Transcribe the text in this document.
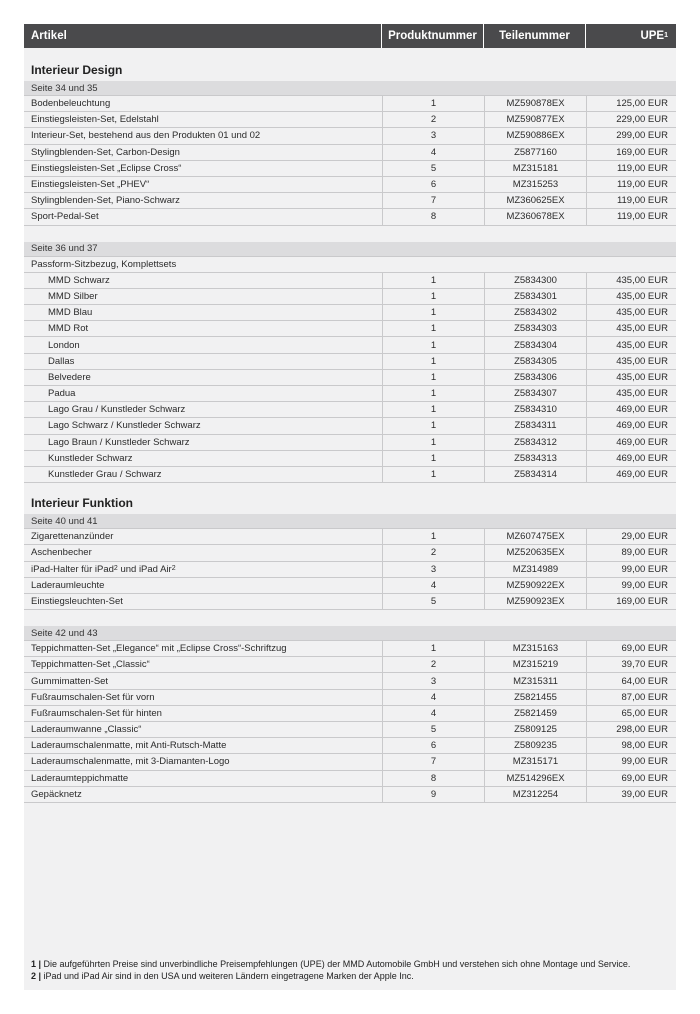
Artikel	Produktnummer	Teilenummer	UPE 1
Interieur Design
Seite 34 und 35
Bodenbeleuchtung	1	MZ590878EX	125,00 EUR
Einstiegsleisten-Set, Edelstahl	2	MZ590877EX	229,00 EUR
Interieur-Set, bestehend aus den Produkten 01 und 02	3	MZ590886EX	299,00 EUR
Stylingblenden-Set, Carbon-Design	4	Z5877160	169,00 EUR
Einstiegsleisten-Set „Eclipse Cross“	5	MZ315181	119,00 EUR
Einstiegsleisten-Set „PHEV“	6	MZ315253	119,00 EUR
Stylingblenden-Set, Piano-Schwarz	7	MZ360625EX	119,00 EUR
Sport-Pedal-Set	8	MZ360678EX	119,00 EUR
Seite 36 und 37
Passform-Sitzbezug, Komplettsets
MMD Schwarz	1	Z5834300	435,00 EUR
MMD Silber	1	Z5834301	435,00 EUR
MMD Blau	1	Z5834302	435,00 EUR
MMD Rot	1	Z5834303	435,00 EUR
London	1	Z5834304	435,00 EUR
Dallas	1	Z5834305	435,00 EUR
Belvedere	1	Z5834306	435,00 EUR
Padua	1	Z5834307	435,00 EUR
Lago Grau / Kunstleder Schwarz	1	Z5834310	469,00 EUR
Lago Schwarz / Kunstleder Schwarz	1	Z5834311	469,00 EUR
Lago Braun / Kunstleder Schwarz	1	Z5834312	469,00 EUR
Kunstleder Schwarz	1	Z5834313	469,00 EUR
Kunstleder Grau / Schwarz	1	Z5834314	469,00 EUR
Interieur Funktion
Seite 40 und 41
Zigarettenanzünder	1	MZ607475EX	29,00 EUR
Aschenbecher	2	MZ520635EX	89,00 EUR
iPad-Halter für iPad 2 und iPad Air 2	3	MZ314989	99,00 EUR
Laderaumleuchte	4	MZ590922EX	99,00 EUR
Einstiegsleuchten-Set	5	MZ590923EX	169,00 EUR
Seite 42 und 43
Teppichmatten-Set „Elegance“ mit „Eclipse Cross“-Schriftzug	1	MZ315163	69,00 EUR
Teppichmatten-Set „Classic“	2	MZ315219	39,70 EUR
Gummimatten-Set	3	MZ315311	64,00 EUR
Fußraumschalen-Set für vorn	4	Z5821455	87,00 EUR
Fußraumschalen-Set für hinten	4	Z5821459	65,00 EUR
Laderaumwanne „Classic“	5	Z5809125	298,00 EUR
Laderaumschalenmatte, mit Anti-Rutsch-Matte	6	Z5809235	98,00 EUR
Laderaumschalenmatte, mit 3-Diamanten-Logo	7	MZ315171	99,00 EUR
Laderaumteppichmatte	8	MZ514296EX	69,00 EUR
Gepäcknetz	9	MZ312254	39,00 EUR
1 | Die aufgeführten Preise sind unverbindliche Preisempfehlungen (UPE) der MMD Automobile GmbH und verstehen sich ohne Montage und Service.
2 | iPad und iPad Air sind in den USA und weiteren Ländern eingetragene Marken der Apple Inc.
